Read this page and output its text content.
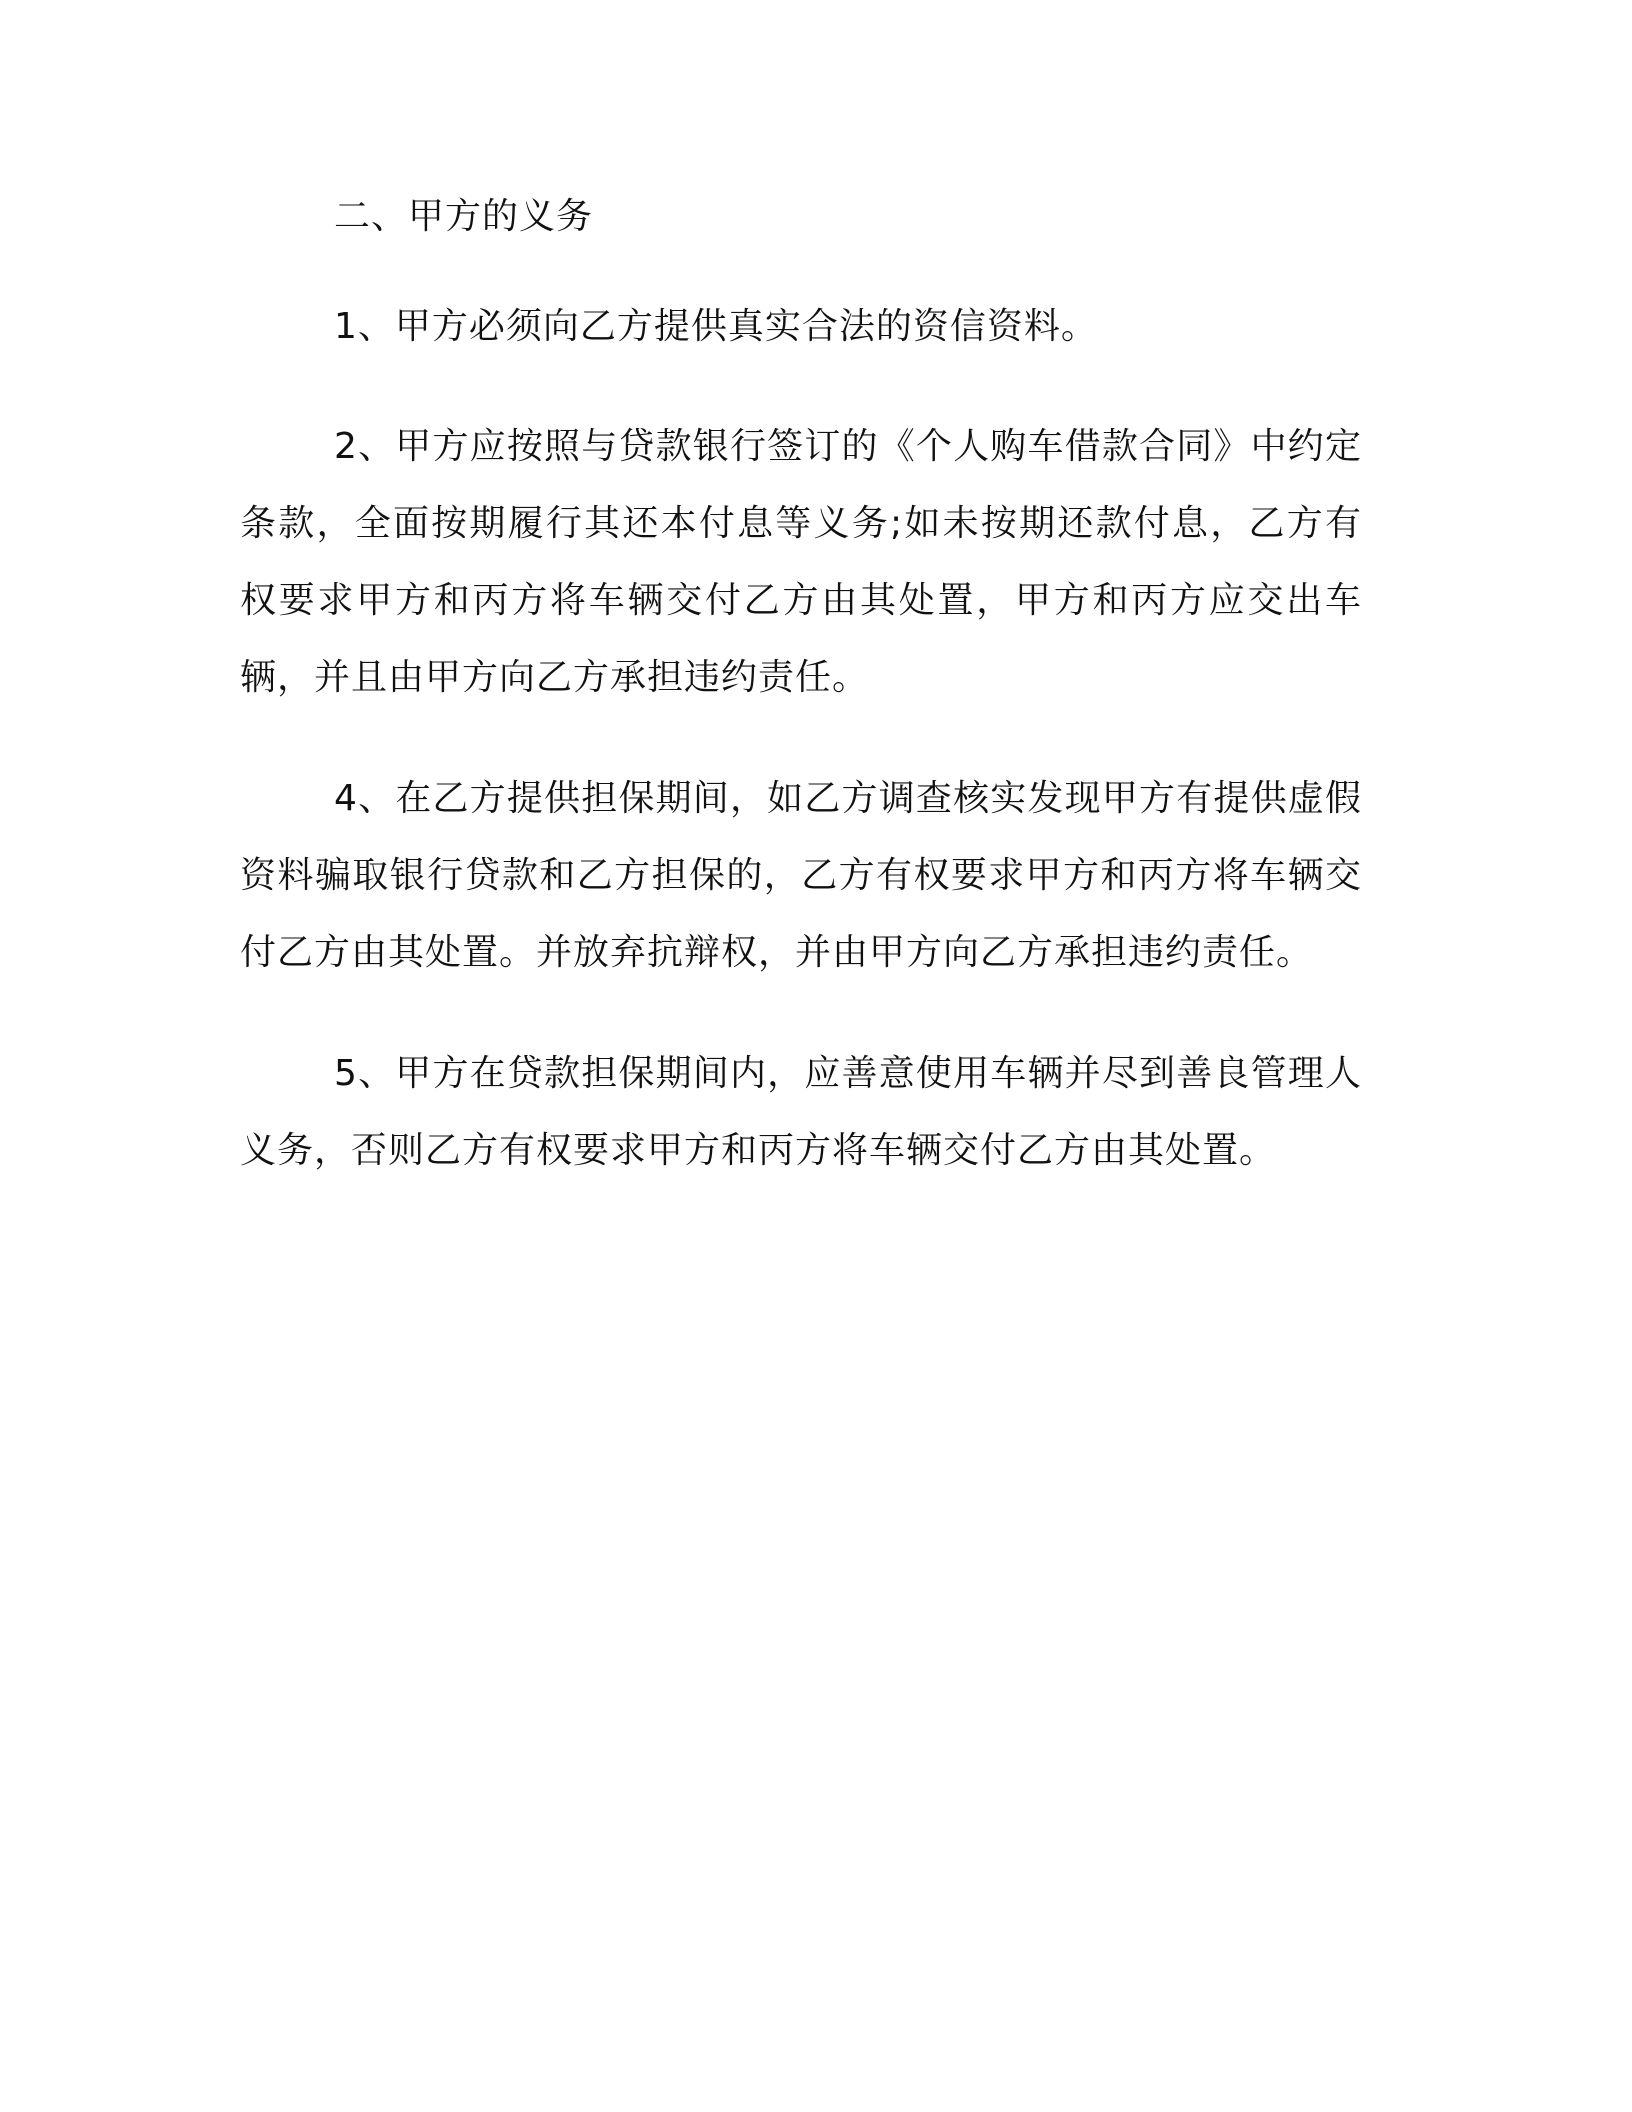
二、甲方的义务

1、甲方必须向乙方提供真实合法的资信资料。

2、甲方应按照与贷款银行签订的《个人购车借款合同》中约定条款，全面按期履行其还本付息等义务;如未按期还款付息，乙方有权要求甲方和丙方将车辆交付乙方由其处置，甲方和丙方应交出车辆，并且由甲方向乙方承担违约责任。

4、在乙方提供担保期间，如乙方调查核实发现甲方有提供虚假资料骗取银行贷款和乙方担保的，乙方有权要求甲方和丙方将车辆交付乙方由其处置。并放弃抗辩权，并由甲方向乙方承担违约责任。

5、甲方在贷款担保期间内，应善意使用车辆并尽到善良管理人义务，否则乙方有权要求甲方和丙方将车辆交付乙方由其处置。
